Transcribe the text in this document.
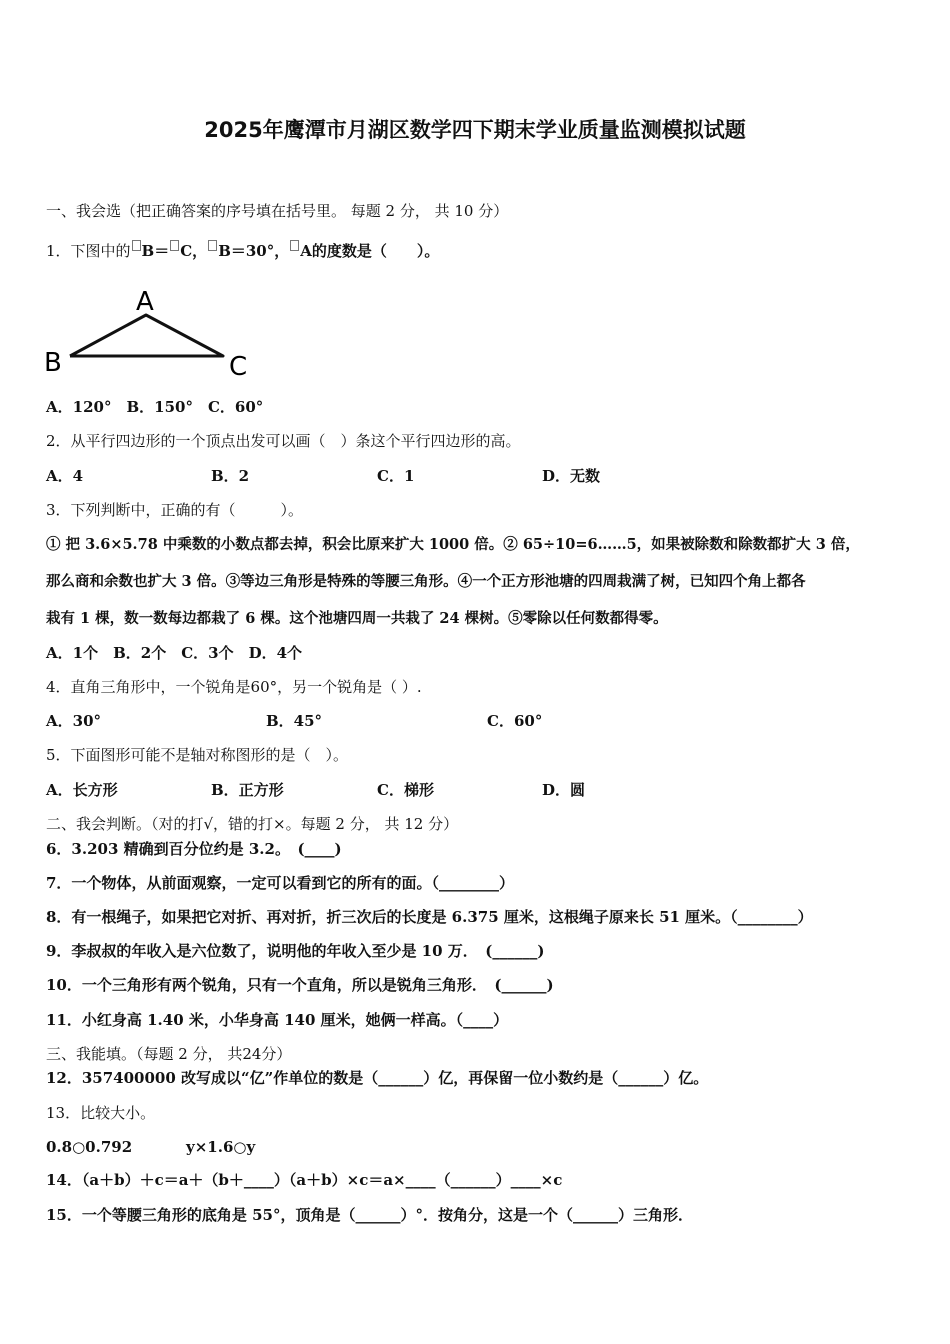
2025年鹰潭市月湖区数学四下期末学业质量监测模拟试题
一、我会选（把正确答案的序号填在括号里。 每题 2 分， 共 10 分）
1．下图中的 B＝ C， B＝30°， A的度数是（　　）。
A
B	C
A．120°　B．150°　C．60°
2．从平行四边形的一个顶点出发可以画（　）条这个平行四边形的高。
A．4	B．2	C．1	D．无数
3．下列判断中，正确的有（　　　）。
① 把 3.6×5.78 中乘数的小数点都去掉，积会比原来扩大 1000 倍。② 65÷10=6……5，如果被除数和除数都扩大 3 倍，
那么商和余数也扩大 3 倍。③等边三角形是特殊的等腰三角形。④一个正方形池塘的四周栽满了树，已知四个角上都各
栽有 1 棵，数一数每边都栽了 6 棵。这个池塘四周一共栽了 24 棵树。⑤零除以任何数都得零。
A．1个　B．2个　C．3个　D．4个
4．直角三角形中，一个锐角是60°，另一个锐角是（ ）.
A．30°	B．45°	C．60°
5．下面图形可能不是轴对称图形的是（　）。
A．长方形	B．正方形	C．梯形	D．圆
二、我会判断。（对的打√，错的打×。每题 2 分， 共 12 分）
6．3.203 精确到百分位约是 3.2。　(____)
7．一个物体，从前面观察，一定可以看到它的所有的面。（________）
8．有一根绳子，如果把它对折、再对折，折三次后的长度是 6.375 厘米，这根绳子原来长 51 厘米。（________）
9．李叔叔的年收入是六位数了，说明他的年收入至少是 10 万．　(______)
10．一个三角形有两个锐角，只有一个直角，所以是锐角三角形．　(______)
11．小红身高 1.40 米，小华身高 140 厘米，她俩一样高。（____）
三、我能填。（每题 2 分， 共24分）
12．357400000 改写成以“亿”作单位的数是（______）亿，再保留一位小数约是（______）亿。
13．比较大小。
0.8○0.792	y×1.6○y
14．（a＋b）＋c＝a＋（b＋____）（a＋b）×c＝a×____（______）____×c
15．一个等腰三角形的底角是 55°，顶角是（______）°．按角分，这是一个（______）三角形．
